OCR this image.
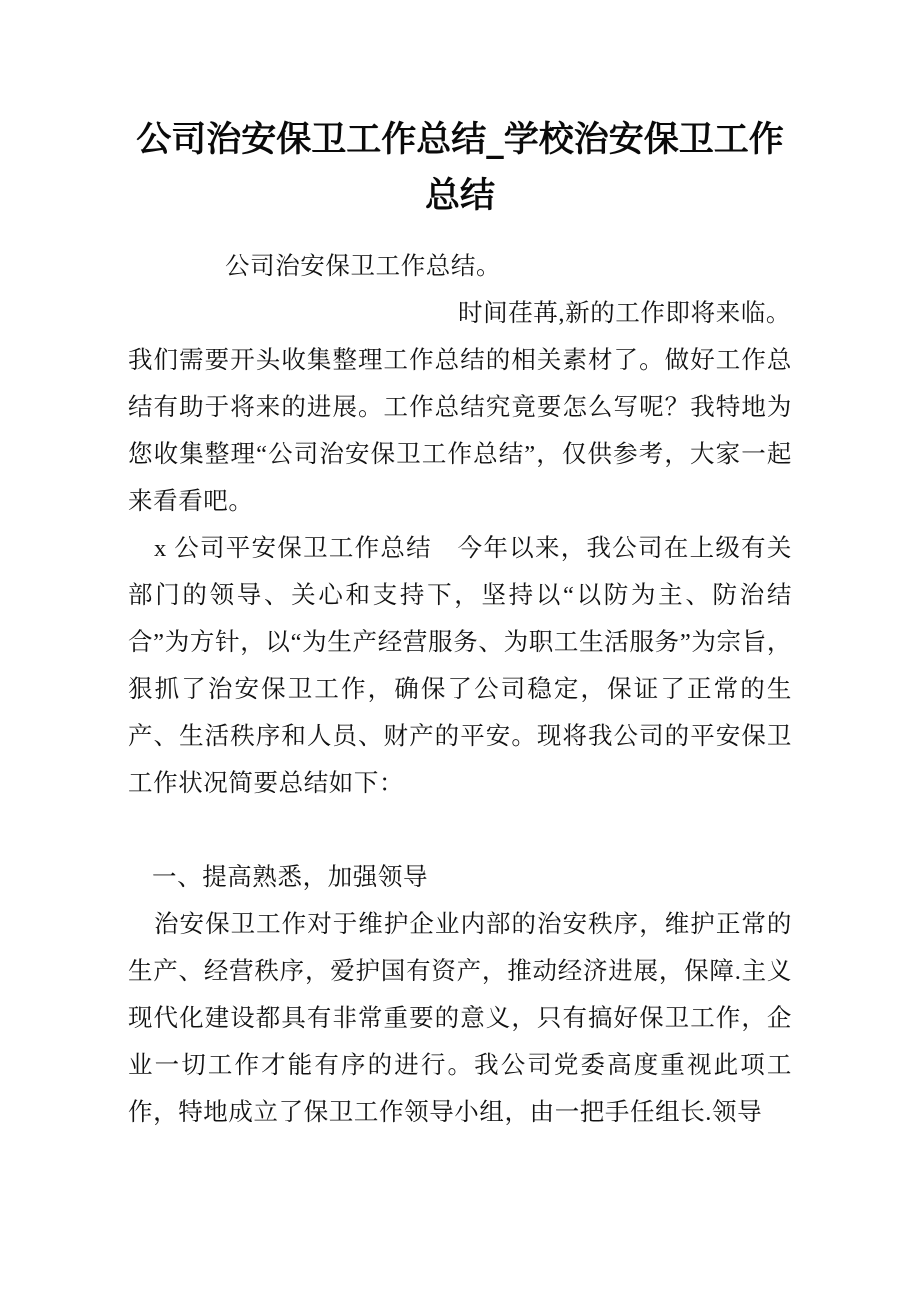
公司治安保卫工作总结_学校治安保卫工作总结

公司治安保卫工作总结。

时间荏苒,新的工作即将来临。

我们需要开头收集整理工作总结的相关素材了。做好工作总结有助于将来的进展。工作总结究竟要怎么写呢？我特地为您收集整理“公司治安保卫工作总结”，仅供参考，大家一起来看看吧。

x 公司平安保卫工作总结　今年以来，我公司在上级有关部门的领导、关心和支持下，坚持以“以防为主、防治结合”为方针，以“为生产经营服务、为职工生活服务”为宗旨，狠抓了治安保卫工作，确保了公司稳定，保证了正常的生产、生活秩序和人员、财产的平安。现将我公司的平安保卫工作状况简要总结如下：

一、提高熟悉，加强领导

治安保卫工作对于维护企业内部的治安秩序，维护正常的生产、经营秩序，爱护国有资产，推动经济进展，保障.主义现代化建设都具有非常重要的意义，只有搞好保卫工作，企业一切工作才能有序的进行。我公司党委高度重视此项工作，特地成立了保卫工作领导小组，由一把手任组长.领导
